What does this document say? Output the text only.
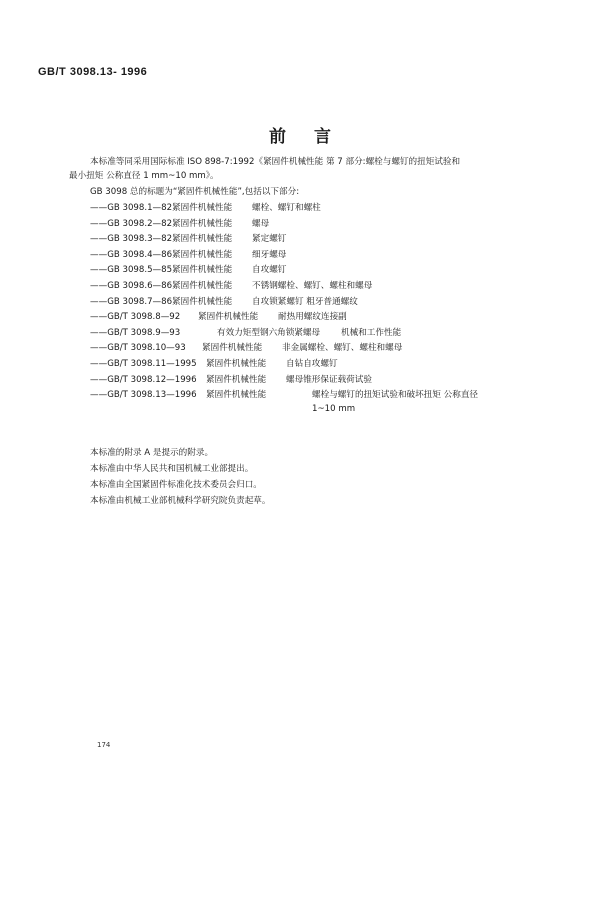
GB/T 3098.13- 1996
前言
本标准等同采用国际标准 ISO 898-7:1992《紧固件机械性能 第 7 部分:螺栓与螺钉的扭矩试验和
最小扭矩 公称直径 1 mm~10 mm》。
GB 3098 总的标题为“紧固件机械性能”,包括以下部分:
——GB 3098.1—82 紧固件机械性能 螺栓、螺钉和螺柱
——GB 3098.2—82 紧固件机械性能 螺母
——GB 3098.3—82 紧固件机械性能 紧定螺钉
——GB 3098.4—86 紧固件机械性能 细牙螺母
——GB 3098.5—85 紧固件机械性能 自攻螺钉
——GB 3098.6—86 紧固件机械性能 不锈钢螺栓、螺钉、螺柱和螺母
——GB 3098.7—86 紧固件机械性能 自攻锁紧螺钉 粗牙普通螺纹
——GB/T 3098.8—92 紧固件机械性能 耐热用螺纹连接副
——GB/T 3098.9—93	有效力矩型钢六角锁紧螺母 机械和工作性能
——GB/T 3098.10—93 紧固件机械性能 非金属螺栓、螺钉、螺柱和螺母
——GB/T 3098.11—1995 紧固件机械性能 自钻自攻螺钉
——GB/T 3098.12—1996 紧固件机械性能 螺母锥形保证载荷试验
——GB/T 3098.13—1996 紧固件机械性能	螺栓与螺钉的扭矩试验和破坏扭矩 公称直径
1~10 mm
本标准的附录 A 是提示的附录。
本标准由中华人民共和国机械工业部提出。
本标准由全国紧固件标准化技术委员会归口。
本标准由机械工业部机械科学研究院负责起草。
174
